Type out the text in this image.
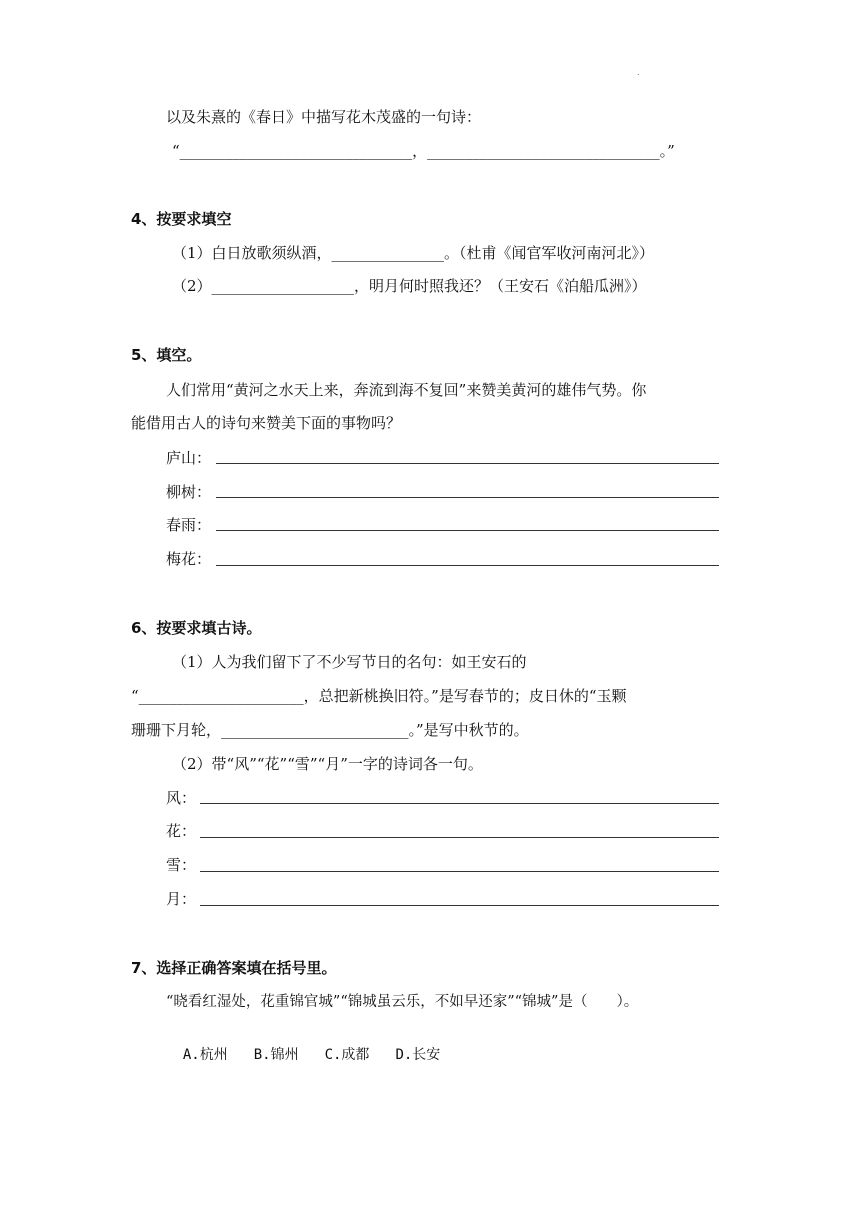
.
以及朱熹的《春日》中描写花木茂盛的一句诗：
“_______________________________，_______________________________。”
4、按要求填空
（1）白日放歌须纵酒，_______________。（杜甫《闻官军收河南河北》）
（2）___________________，明月何时照我还？（王安石《泊船瓜洲》）
5、填空。
人们常用“黄河之水天上来，奔流到海不复回”来赞美黄河的雄伟气势。你
能借用古人的诗句来赞美下面的事物吗？
庐山：
柳树：
春雨：
梅花：
6、按要求填古诗。
（1）人为我们留下了不少写节日的名句：如王安石的
“______________________，总把新桃换旧符。”是写春节的；皮日休的“玉颗
珊珊下月轮，_________________________。”是写中秋节的。
（2）带“风”“花”“雪”“月”一字的诗词各一句。
风：
花：
雪：
月：
7、选择正确答案填在括号里。
“晓看红湿处，花重锦官城”“锦城虽云乐，不如早还家”“锦城”是（　　）。

A.杭州 B.锦州 C.成都 D.长安
